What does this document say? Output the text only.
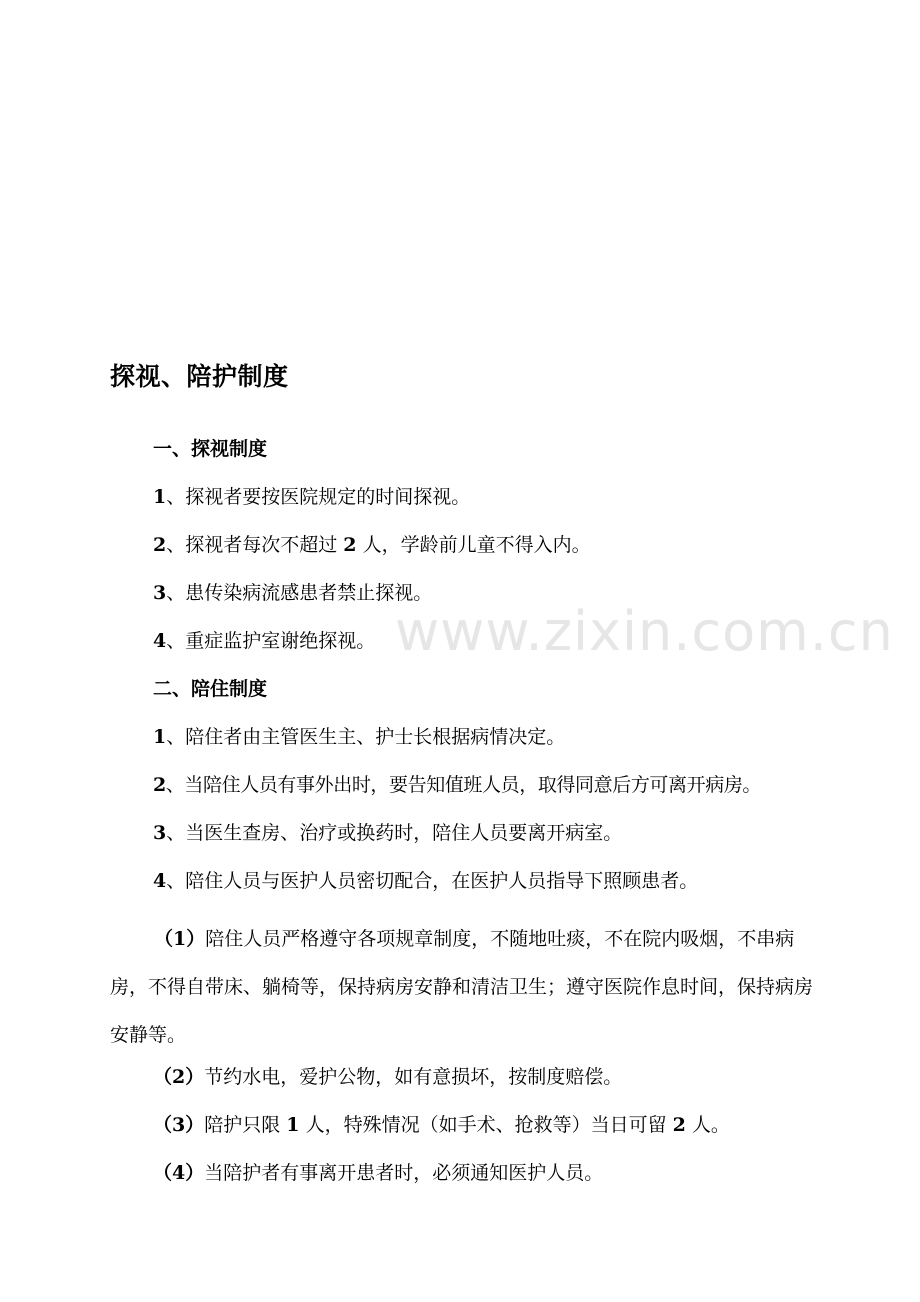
www.zixin.com.cn
探视、陪护制度
一、探视制度
1、探视者要按医院规定的时间探视。
2、探视者每次不超过 2 人，学龄前儿童不得入内。
3、患传染病流感患者禁止探视。
4、重症监护室谢绝探视。
二、陪住制度
1、陪住者由主管医生主、护士长根据病情决定。
2、当陪住人员有事外出时，要告知值班人员，取得同意后方可离开病房。
3、当医生查房、治疗或换药时，陪住人员要离开病室。
4、陪住人员与医护人员密切配合，在医护人员指导下照顾患者。
（1）陪住人员严格遵守各项规章制度，不随地吐痰，不在院内吸烟，不串病房，不得自带床、躺椅等，保持病房安静和清洁卫生；遵守医院作息时间，保持病房安静等。
（2）节约水电，爱护公物，如有意损坏，按制度赔偿。
（3）陪护只限 1 人，特殊情况（如手术、抢救等）当日可留 2 人。
（4）当陪护者有事离开患者时，必须通知医护人员。
